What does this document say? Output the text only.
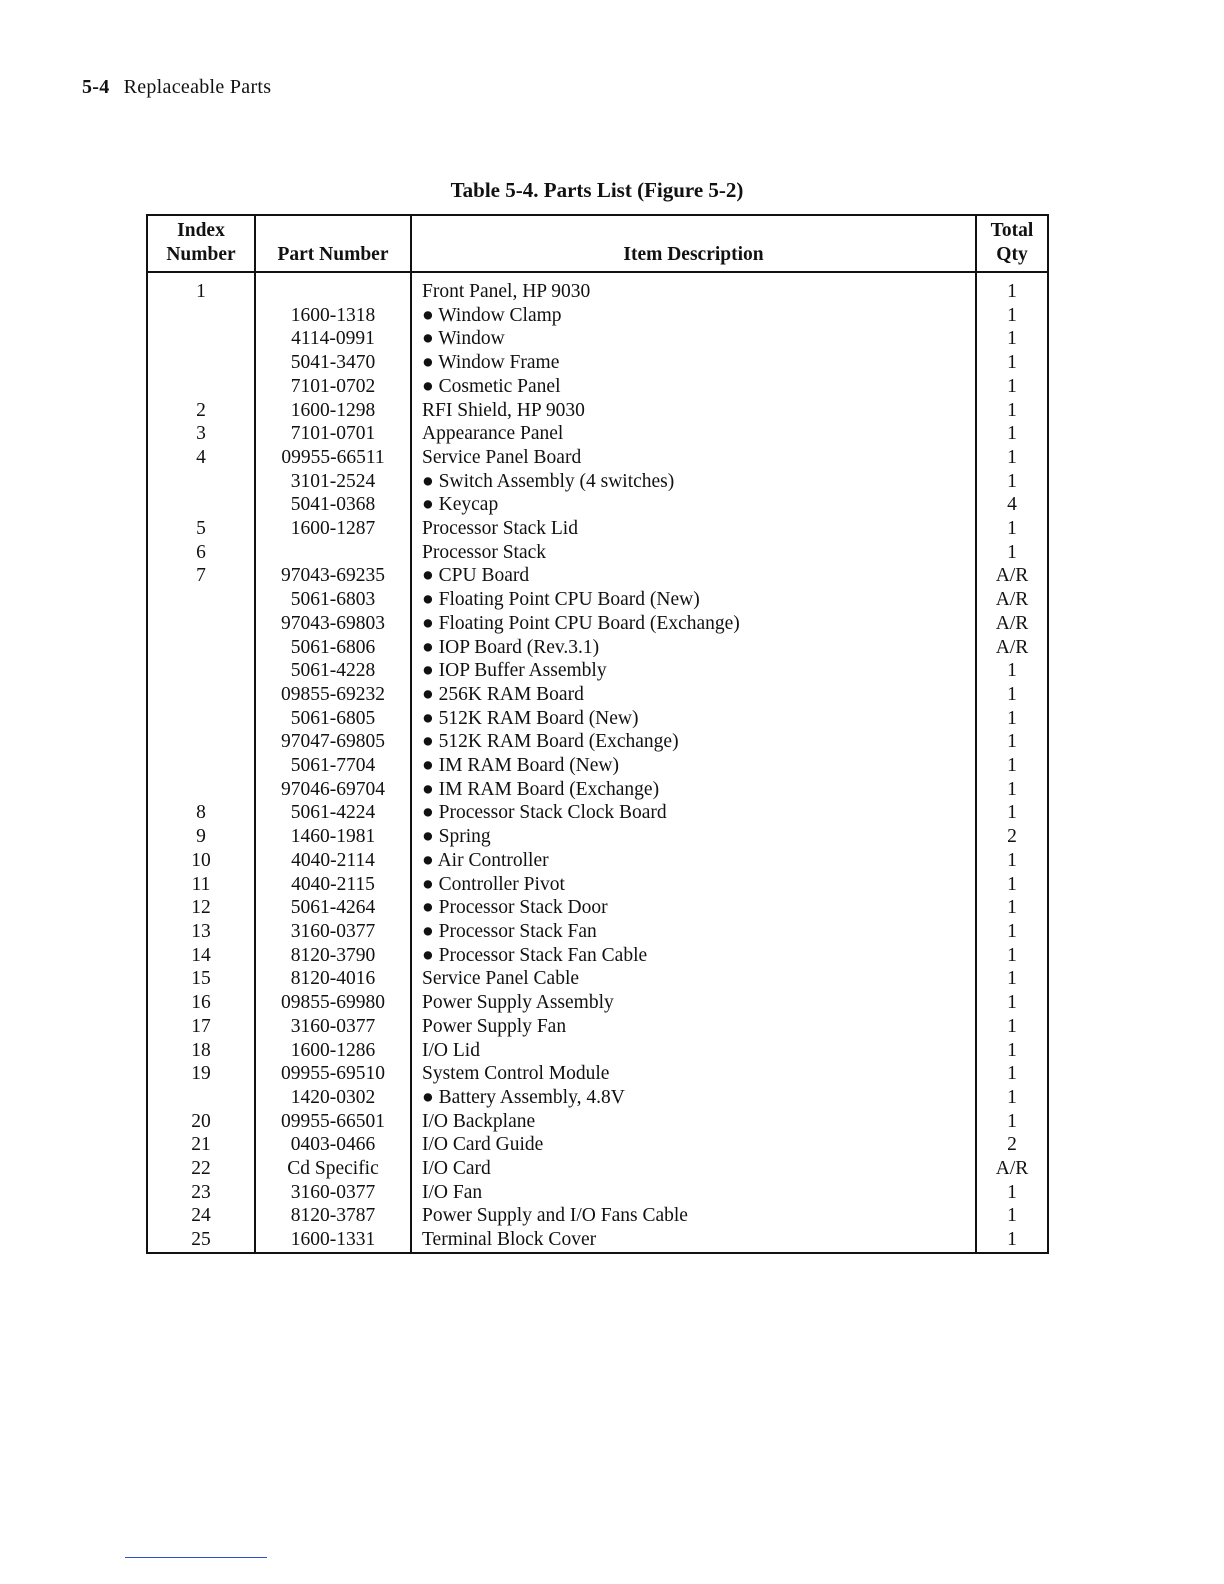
5-4 Replaceable Parts
Table 5-4. Parts List (Figure 5-2)
Index
Number	Part Number	Item Description	Total
Qty
1		Front Panel, HP 9030	1
	1600-1318	● Window Clamp	1
	4114-0991	● Window	1
	5041-3470	● Window Frame	1
	7101-0702	● Cosmetic Panel	1
2	1600-1298	RFI Shield, HP 9030	1
3	7101-0701	Appearance Panel	1
4	09955-66511	Service Panel Board	1
	3101-2524	● Switch Assembly (4 switches)	1
	5041-0368	● Keycap	4
5	1600-1287	Processor Stack Lid	1
6		Processor Stack	1
7	97043-69235	● CPU Board	A/R
	5061-6803	● Floating Point CPU Board (New)	A/R
	97043-69803	● Floating Point CPU Board (Exchange)	A/R
	5061-6806	● IOP Board (Rev.3.1)	A/R
	5061-4228	● IOP Buffer Assembly	1
	09855-69232	● 256K RAM Board	1
	5061-6805	● 512K RAM Board (New)	1
	97047-69805	● 512K RAM Board (Exchange)	1
	5061-7704	● IM RAM Board (New)	1
	97046-69704	● IM RAM Board (Exchange)	1
8	5061-4224	● Processor Stack Clock Board	1
9	1460-1981	● Spring	2
10	4040-2114	● Air Controller	1
11	4040-2115	● Controller Pivot	1
12	5061-4264	● Processor Stack Door	1
13	3160-0377	● Processor Stack Fan	1
14	8120-3790	● Processor Stack Fan Cable	1
15	8120-4016	Service Panel Cable	1
16	09855-69980	Power Supply Assembly	1
17	3160-0377	Power Supply Fan	1
18	1600-1286	I/O Lid	1
19	09955-69510	System Control Module	1
	1420-0302	● Battery Assembly, 4.8V	1
20	09955-66501	I/O Backplane	1
21	0403-0466	I/O Card Guide	2
22	Cd Specific	I/O Card	A/R
23	3160-0377	I/O Fan	1
24	8120-3787	Power Supply and I/O Fans Cable	1
25	1600-1331	Terminal Block Cover	1
